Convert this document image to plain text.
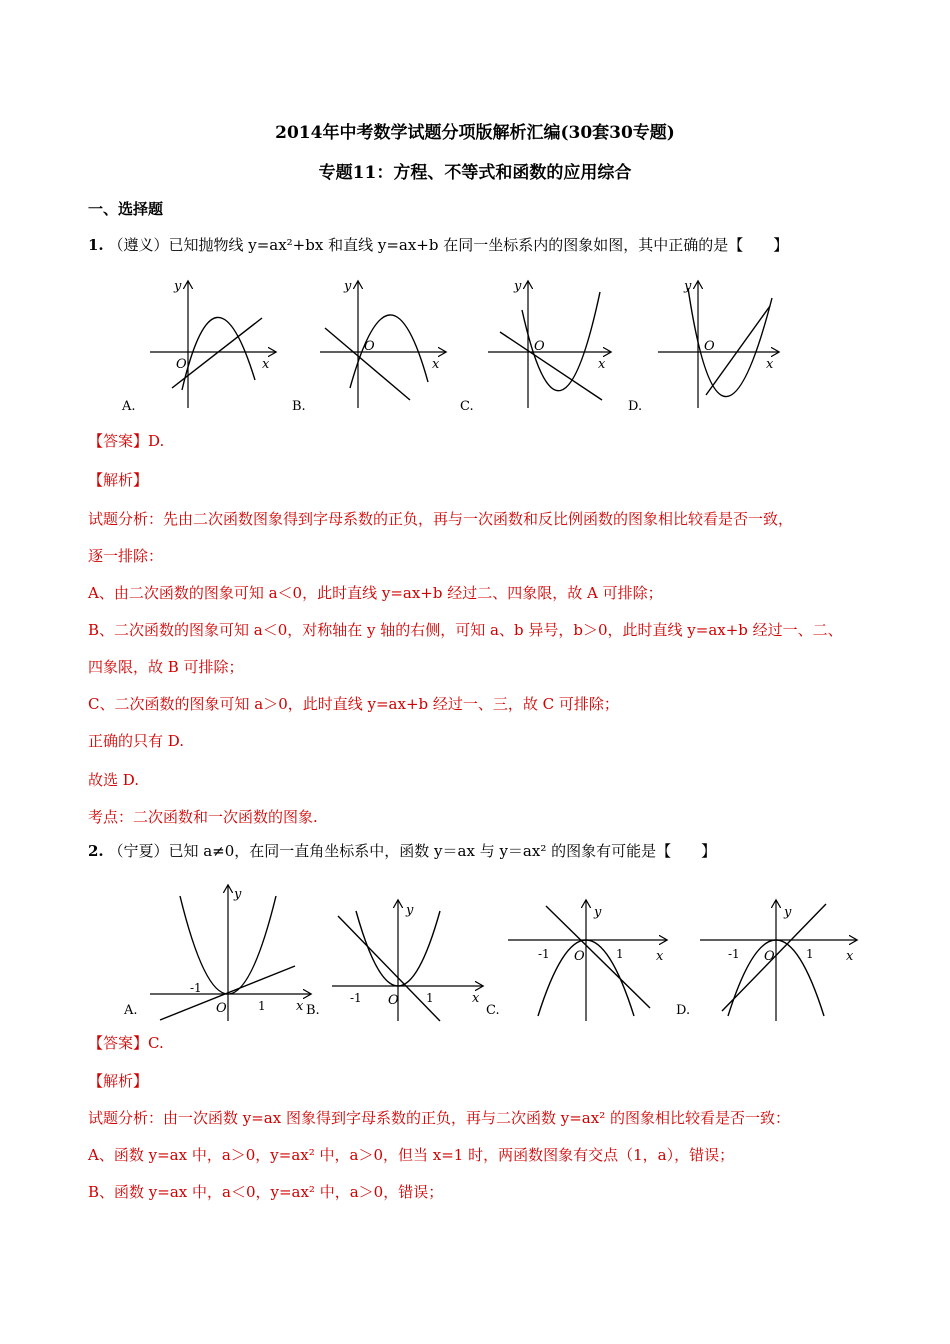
2014年中考数学试题分项版解析汇编(30套30专题)
专题11：方程、不等式和函数的应用综合
一、选择题
1. （遵义）已知抛物线 y=ax²+bx 和直线 y=ax+b 在同一坐标系内的图象如图，其中正确的是【　　】
y
x
O
A.
y
x
O
B.
y
x
O
C.
y
x
O
D.
【答案】D.
【解析】
试题分析：先由二次函数图象得到字母系数的正负，再与一次函数和反比例函数的图象相比较看是否一致，
逐一排除：
A、由二次函数的图象可知 a＜0，此时直线 y=ax+b 经过二、四象限，故 A 可排除；
B、二次函数的图象可知 a＜0，对称轴在 y 轴的右侧，可知 a、b 异号，b＞0，此时直线 y=ax+b 经过一、二、
四象限，故 B 可排除；
C、二次函数的图象可知 a＞0，此时直线 y=ax+b 经过一、三，故 C 可排除；
正确的只有 D.
故选 D.
考点：二次函数和一次函数的图象.
2. （宁夏）已知 a≠0，在同一直角坐标系中，函数 y＝ax 与 y＝ax² 的图象有可能是【　　】
y
x
O
-1
1
A.
y
x
O
-1	1
B.
y
x
O
-1	1
C.
y
x
O
-1	1
D.
【答案】C.
【解析】
试题分析：由一次函数 y=ax 图象得到字母系数的正负，再与二次函数 y=ax² 的图象相比较看是否一致：
A、函数 y=ax 中，a＞0，y=ax² 中，a＞0，但当 x=1 时，两函数图象有交点（1，a），错误；
B、函数 y=ax 中，a＜0，y=ax² 中，a＞0，错误；
